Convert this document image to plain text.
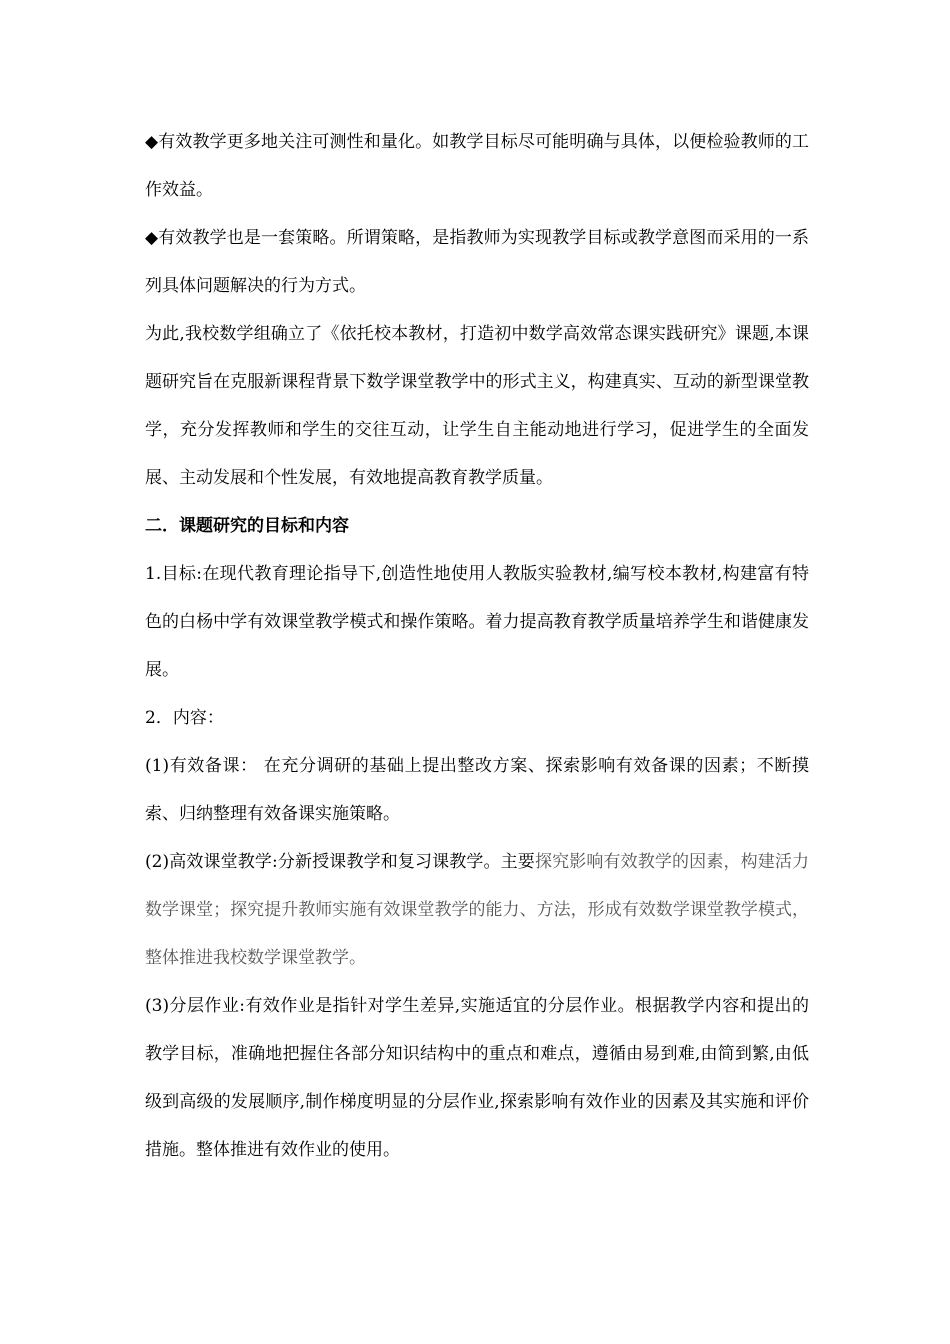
◆有效教学更多地关注可测性和量化。如教学目标尽可能明确与具体，以便检验教师的工作效益。

◆有效教学也是一套策略。所谓策略，是指教师为实现教学目标或教学意图而采用的一系列具体问题解决的行为方式。

为此,我校数学组确立了《依托校本教材，打造初中数学高效常态课实践研究》课题,本课题研究旨在克服新课程背景下数学课堂教学中的形式主义，构建真实、互动的新型课堂教学，充分发挥教师和学生的交往互动，让学生自主能动地进行学习，促进学生的全面发展、主动发展和个性发展，有效地提高教育教学质量。

二．课题研究的目标和内容

1.目标:在现代教育理论指导下,创造性地使用人教版实验教材,编写校本教材,构建富有特色的白杨中学有效课堂教学模式和操作策略。着力提高教育教学质量培养学生和谐健康发展。

2．内容：

(1)有效备课： 在充分调研的基础上提出整改方案、探索影响有效备课的因素；不断摸索、归纳整理有效备课实施策略。

(2)高效课堂教学:分新授课教学和复习课教学。主要探究影响有效教学的因素，构建活力数学课堂；探究提升教师实施有效课堂教学的能力、方法，形成有效数学课堂教学模式，整体推进我校数学课堂教学。

(3)分层作业:有效作业是指针对学生差异,实施适宜的分层作业。根据教学内容和提出的教学目标，准确地把握住各部分知识结构中的重点和难点，遵循由易到难,由简到繁,由低级到高级的发展顺序,制作梯度明显的分层作业,探索影响有效作业的因素及其实施和评价措施。整体推进有效作业的使用。
